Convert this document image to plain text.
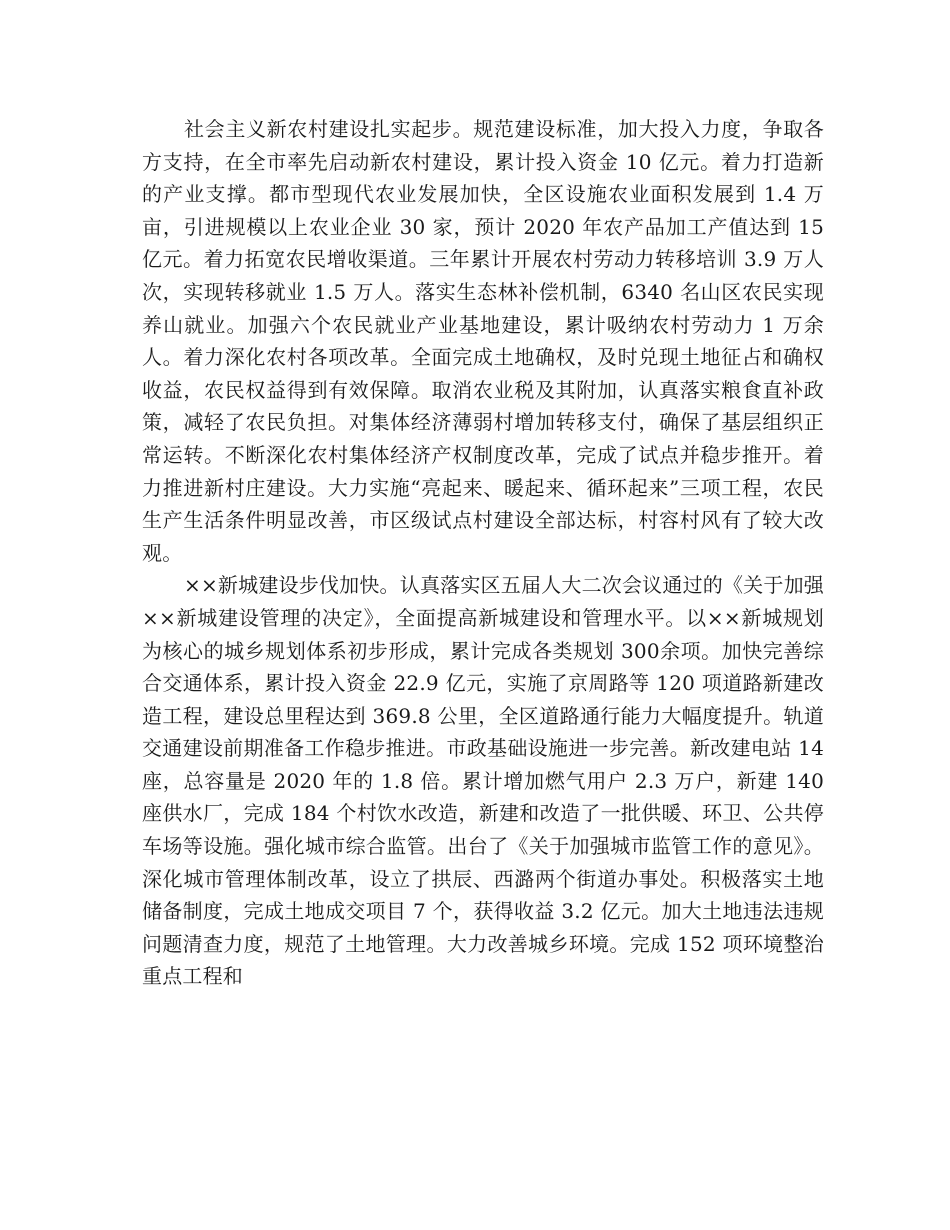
社会主义新农村建设扎实起步。规范建设标准，加大投入力度，争取各方支持，在全市率先启动新农村建设，累计投入资金 10 亿元。着力打造新的产业支撑。都市型现代农业发展加快，全区设施农业面积发展到 1.4 万亩，引进规模以上农业企业 30 家，预计 2020 年农产品加工产值达到 15 亿元。着力拓宽农民增收渠道。三年累计开展农村劳动力转移培训 3.9 万人次，实现转移就业 1.5 万人。落实生态林补偿机制，6340 名山区农民实现养山就业。加强六个农民就业产业基地建设，累计吸纳农村劳动力 1 万余人。着力深化农村各项改革。全面完成土地确权，及时兑现土地征占和确权收益，农民权益得到有效保障。取消农业税及其附加，认真落实粮食直补政策，减轻了农民负担。对集体经济薄弱村增加转移支付，确保了基层组织正常运转。不断深化农村集体经济产权制度改革，完成了试点并稳步推开。着力推进新村庄建设。大力实施“亮起来、暖起来、循环起来”三项工程，农民生产生活条件明显改善，市区级试点村建设全部达标，村容村风有了较大改观。

××新城建设步伐加快。认真落实区五届人大二次会议通过的《关于加强××新城建设管理的决定》，全面提高新城建设和管理水平。以××新城规划为核心的城乡规划体系初步形成，累计完成各类规划 300余项。加快完善综合交通体系，累计投入资金 22.9 亿元，实施了京周路等 120 项道路新建改造工程，建设总里程达到 369.8 公里，全区道路通行能力大幅度提升。轨道交通建设前期准备工作稳步推进。市政基础设施进一步完善。新改建电站 14 座，总容量是 2020 年的 1.8 倍。累计增加燃气用户 2.3 万户，新建 140 座供水厂，完成 184 个村饮水改造，新建和改造了一批供暖、环卫、公共停车场等设施。强化城市综合监管。出台了《关于加强城市监管工作的意见》。深化城市管理体制改革，设立了拱辰、西潞两个街道办事处。积极落实土地储备制度，完成土地成交项目 7 个，获得收益 3.2 亿元。加大土地违法违规问题清查力度，规范了土地管理。大力改善城乡环境。完成 152 项环境整治重点工程和
